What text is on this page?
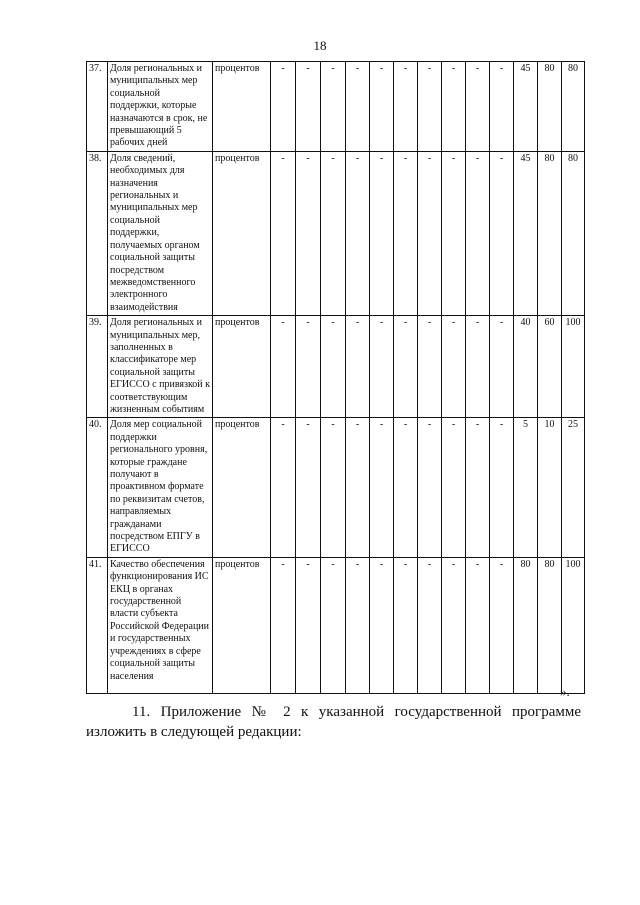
18
37.	Доля региональных и муниципальных мер социальной поддержки, которые назначаются в срок, не превышающий 5 рабочих дней	процентов	-	-	-	-	-	-	-	-	-	-	45	80	80
38.	Доля сведений, необходимых для назначения региональных и муниципальных мер социальной поддержки, получаемых органом социальной защиты посредством межведомственного электронного взаимодействия	процентов	-	-	-	-	-	-	-	-	-	-	45	80	80
39.	Доля региональных и муниципальных мер, заполненных в классификаторе мер социальной защиты ЕГИССО с привязкой к соответствующим жизненным событиям	процентов	-	-	-	-	-	-	-	-	-	-	40	60	100
40.	Доля мер социальной поддержки регионального уровня, которые граждане получают в проактивном формате по реквизитам счетов, направляемых гражданами посредством ЕПГУ в ЕГИССО	процентов	-	-	-	-	-	-	-	-	-	-	5	10	25
41.	Качество обеспечения функционирования ИС ЕКЦ в органах государственной власти субъекта Российской Федерации и государственных учреждениях в сфере социальной защиты населения	процентов	-	-	-	-	-	-	-	-	-	-	80	80	100
».
11. Приложение № 2 к указанной государственной программе
изложить в следующей редакции:
